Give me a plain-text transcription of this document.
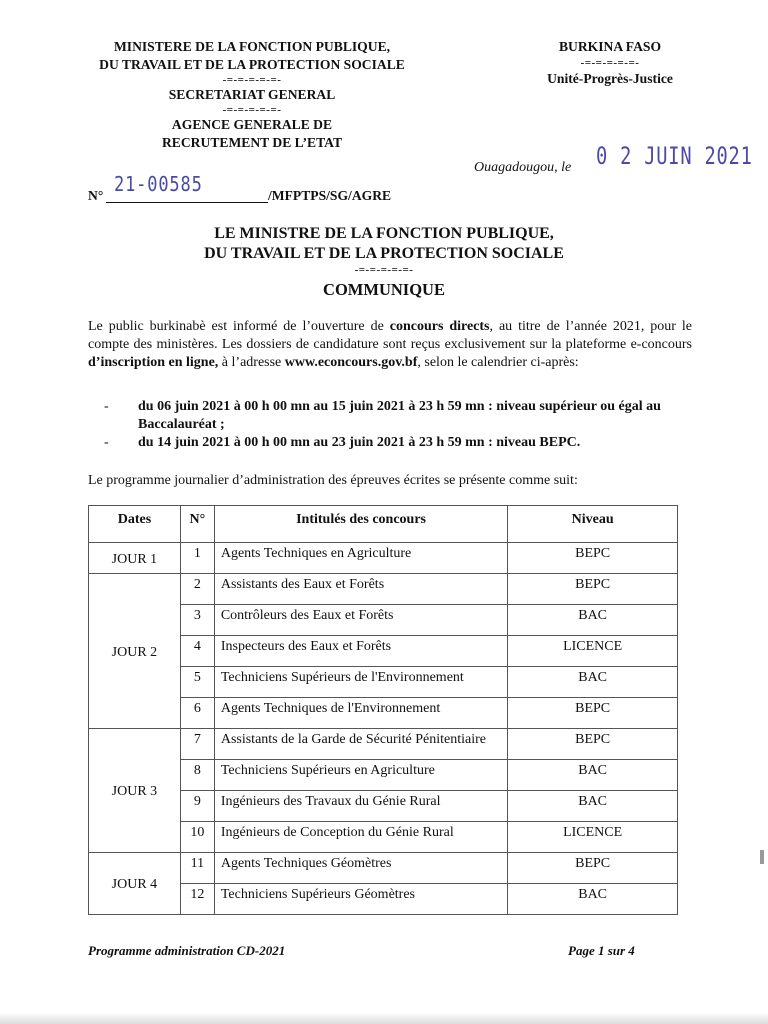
MINISTERE DE LA FONCTION PUBLIQUE,
DU TRAVAIL ET DE LA PROTECTION SOCIALE
-=-=-=-=-=-
SECRETARIAT GENERAL
-=-=-=-=-=-
AGENCE GENERALE DE
RECRUTEMENT DE L’ETAT
BURKINA FASO
-=-=-=-=-=-
Unité-Progrès-Justice
Ouagadougou, le 0 2 JUIN 2021
N° 21-00585	/MFPTPS/SG/AGRE
LE MINISTRE DE LA FONCTION PUBLIQUE,
DU TRAVAIL ET DE LA PROTECTION SOCIALE
-=-=-=-=-=-
COMMUNIQUE
Le public burkinabè est informé de l’ouverture de concours directs, au titre de l’année 2021, pour le compte des ministères. Les dossiers de candidature sont reçus exclusivement sur la plateforme e-concours d’inscription en ligne, à l’adresse www.econcours.gov.bf, selon le calendrier ci-après:

- du 06 juin 2021 à 00 h 00 mn au 15 juin 2021 à 23 h 59 mn : niveau supérieur ou égal au Baccalauréat ;

- du 14 juin 2021 à 00 h 00 mn au 23 juin 2021 à 23 h 59 mn : niveau BEPC.

Le programme journalier d’administration des épreuves écrites se présente comme suit:
Dates	N°	Intitulés des concours	Niveau
JOUR 1	1	Agents Techniques en Agriculture	BEPC
JOUR 2	2	Assistants des Eaux et Forêts	BEPC
	3	Contrôleurs des Eaux et Forêts	BAC
	4	Inspecteurs des Eaux et Forêts	LICENCE
	5	Techniciens Supérieurs de l'Environnement	BAC
	6	Agents Techniques de l'Environnement	BEPC
JOUR 3	7	Assistants de la Garde de Sécurité Pénitentiaire	BEPC
	8	Techniciens Supérieurs en Agriculture	BAC
	9	Ingénieurs des Travaux du Génie Rural	BAC
	10	Ingénieurs de Conception du Génie Rural	LICENCE
JOUR 4	11	Agents Techniques Géomètres	BEPC
	12	Techniciens Supérieurs Géomètres	BAC
Programme administration CD-2021	Page 1 sur 4
